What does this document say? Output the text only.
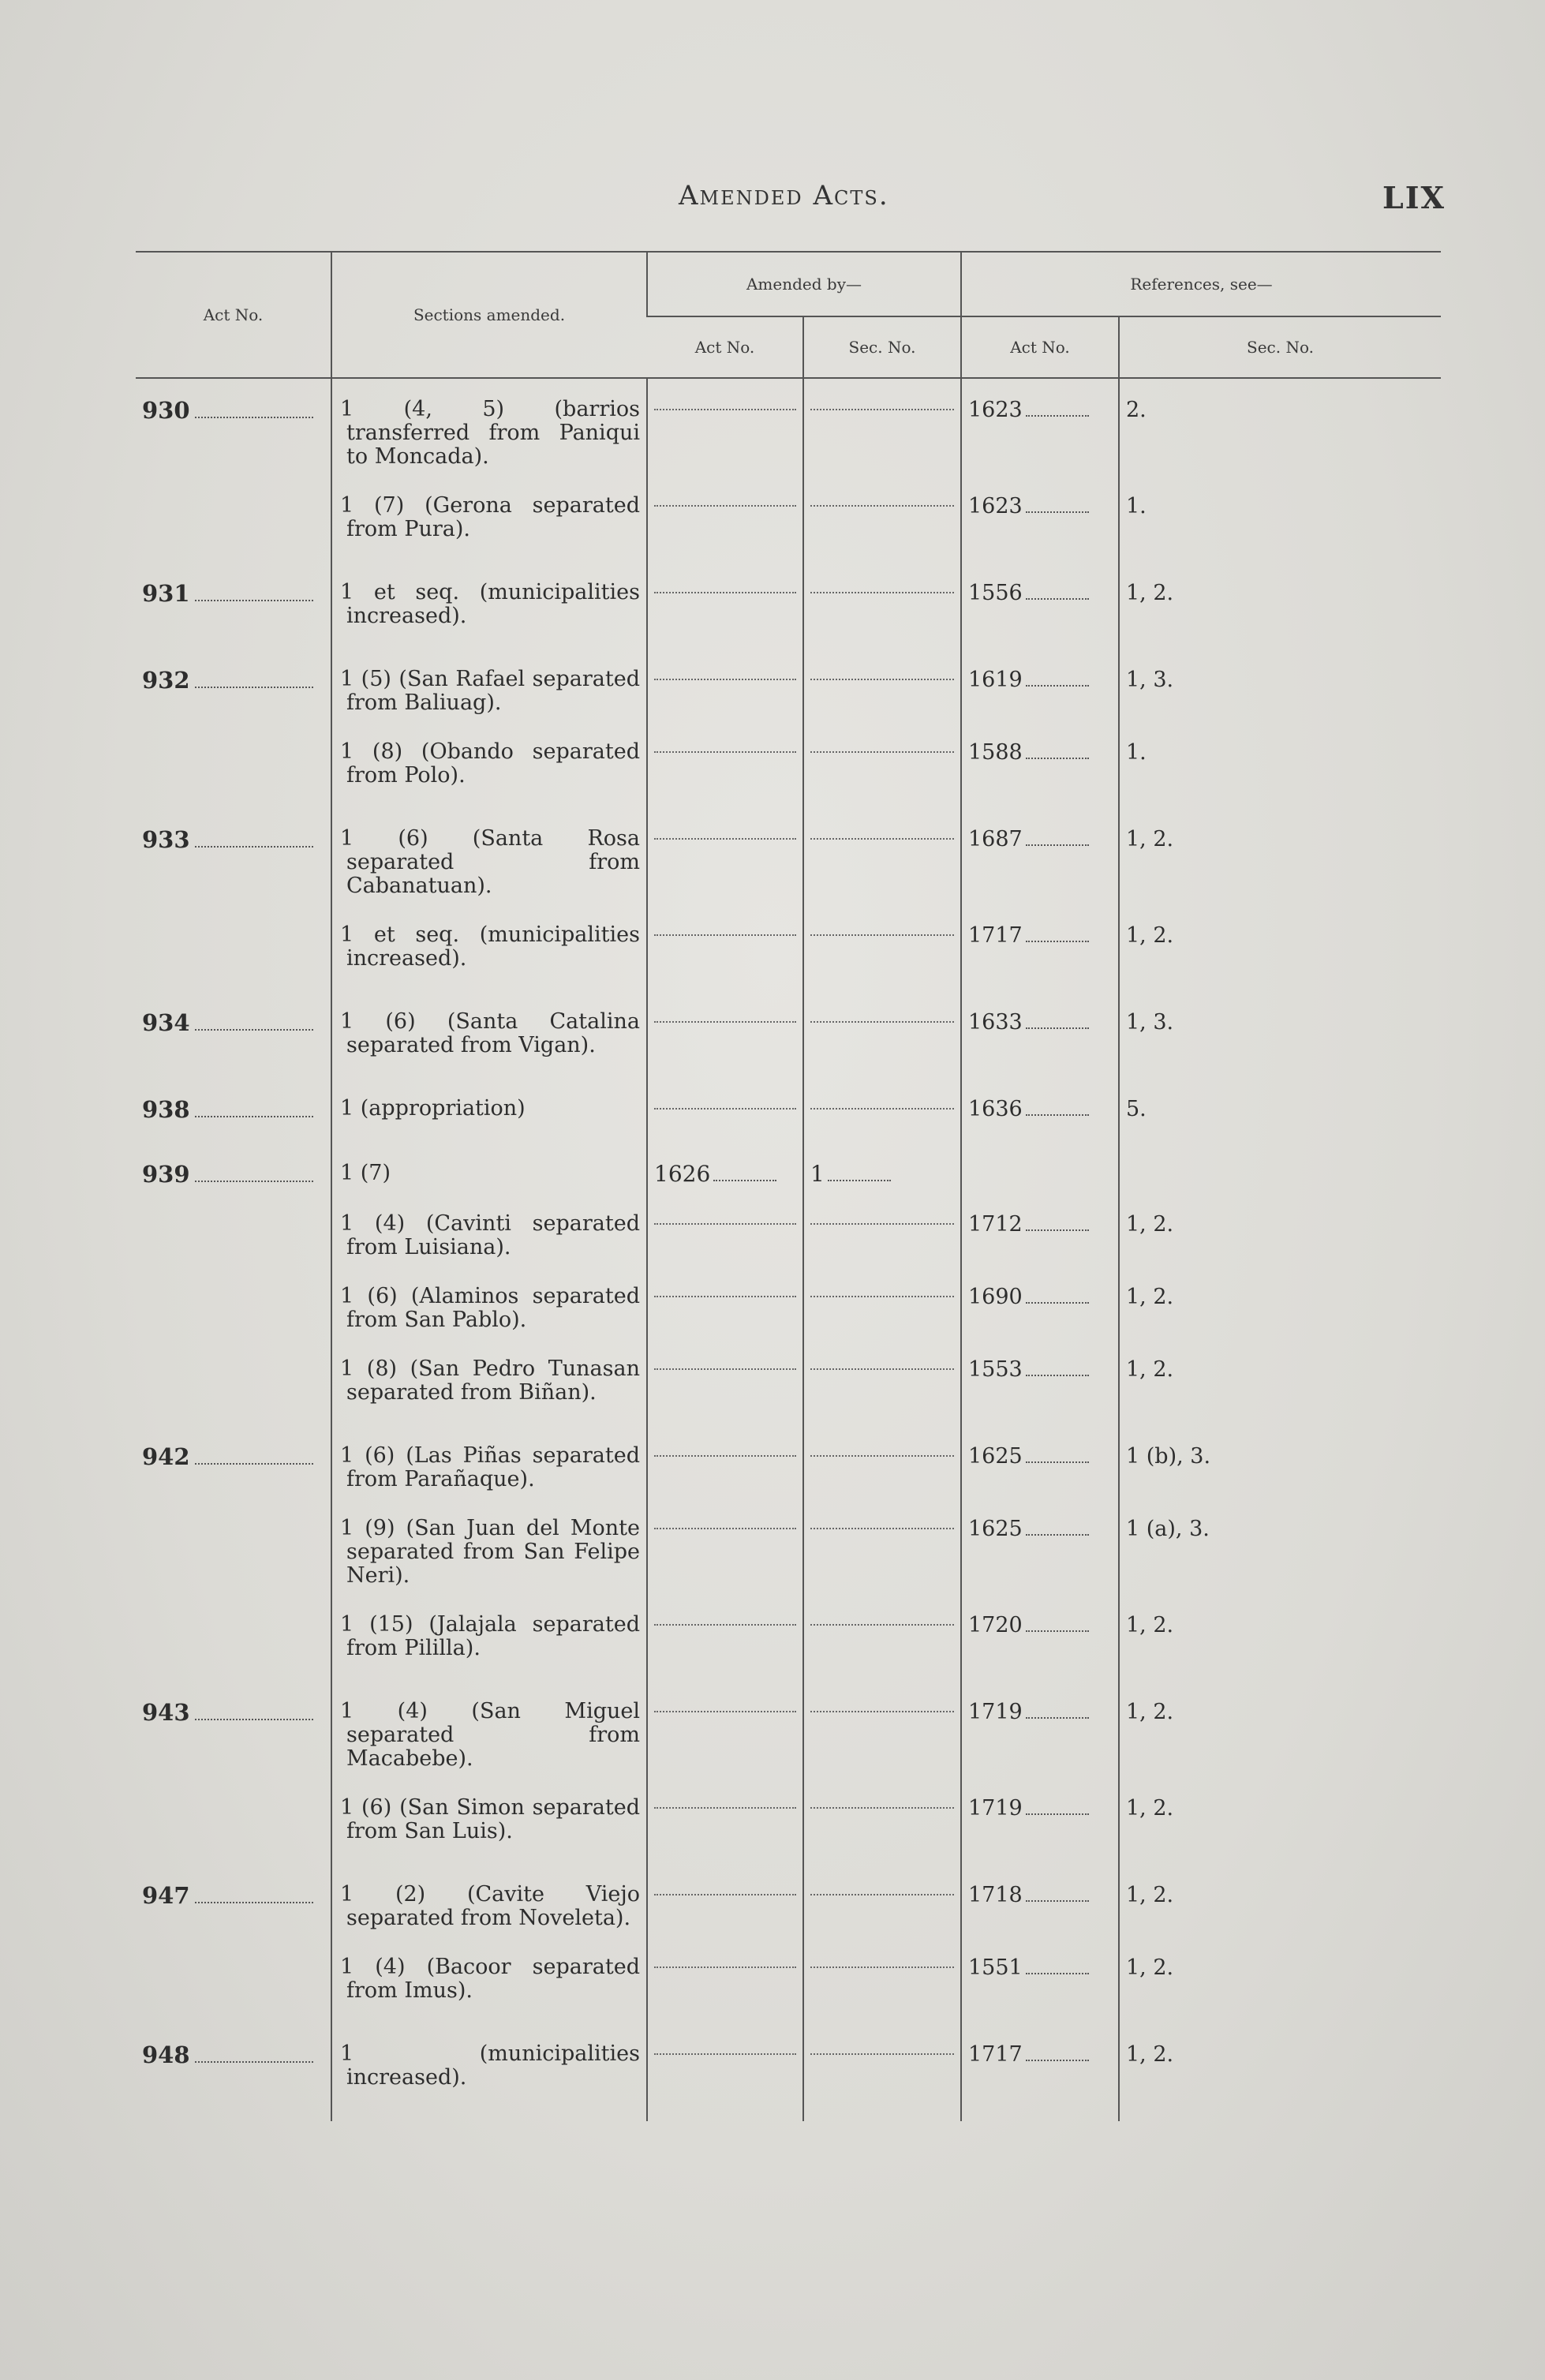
Amended Acts.	LIX
Act No.	Sections amended.	Amended by—		References, see—	
		Act No.	Sec. No.	Act No.	Sec. No.
930	1 (4, 5) (barrios transferred from Paniqui to Moncada).			1623	2.
	1 (7) (Gerona separated from Pura).			1623	1.
931	1 et seq. (municipalities increased).			1556	1, 2.
932	1 (5) (San Rafael separated from Baliuag).			1619	1, 3.
	1 (8) (Obando separated from Polo).			1588	1.
933	1 (6) (Santa Rosa separated from Cabanatuan).			1687	1, 2.
	1 et seq. (municipalities increased).			1717	1, 2.
934	1 (6) (Santa Catalina separated from Vigan).			1633	1, 3.
938	1 (appropriation)			1636	5.
939	1 (7)	1626	1		
	1 (4) (Cavinti separated from Luisiana).			1712	1, 2.
	1 (6) (Alaminos separated from San Pablo).			1690	1, 2.
	1 (8) (San Pedro Tunasan separated from Biñan).			1553	1, 2.
942	1 (6) (Las Piñas separated from Parañaque).			1625	1 (b), 3.
	1 (9) (San Juan del Monte separated from San Felipe Neri).			1625	1 (a), 3.
	1 (15) (Jalajala separated from Pililla).			1720	1, 2.
943	1 (4) (San Miguel separated from Macabebe).			1719	1, 2.
	1 (6) (San Simon separated from San Luis).			1719	1, 2.
947	1 (2) (Cavite Viejo separated from Noveleta).			1718	1, 2.
	1 (4) (Bacoor separated from Imus).			1551	1, 2.
948	1 (municipalities increased).			1717	1, 2.
